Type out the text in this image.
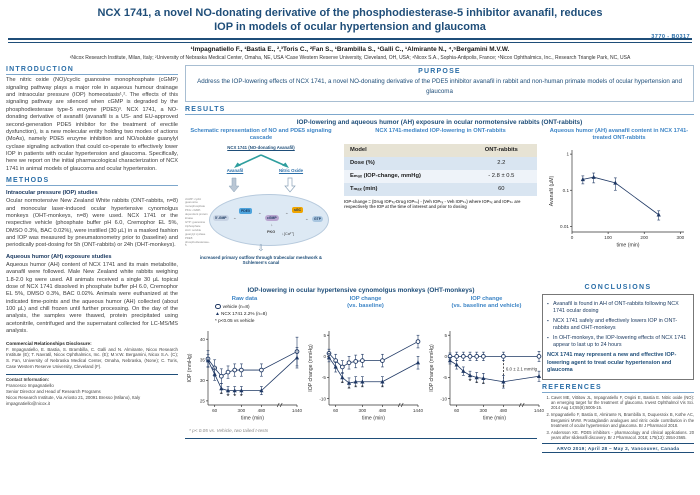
NCX 1741, a novel NO-donating derivative of the phosphodiesterase-5 inhibitor avanafil, reduces
IOP in models of ocular hypertension and glaucoma
3770 - B0317
¹Impagnatiello F., ¹Bastia E., ²,³Toris C., ²Fan S., ¹Brambilla S., ¹Galli C., ¹Almirante N., ⁴,⁵Bergamini M.V.W.
¹Nicox Research Institute, Milan, Italy; ²University of Nebraska Medical Center, Omaha, NE, USA ³Case Western Reserve University, Cleveland, OH, USA; ⁴Nicox S.A., Sophia-Antipolis, France; ⁵Nicox Ophthalmics, Inc., Research Triangle Park, NC, USA
INTRODUCTION

The nitric oxide (NO)/cyclic guanosine monophosphate (cGMP) signaling pathway plays a major role in aqueous humour drainage and intraocular pressure (IOP) homeostasis¹,². The effects of this signaling pathway are silenced when cGMP is degraded by the phosphodiesterase type-5 enzyme (PDE5)³. NCX 1741, a NO-donating derivative of avanafil (avanafil is a US- and EU-approved second-generation PDE5 inhibitor for the treatment of erectile dysfunction), is a new molecular entity holding two modes of actions (MoAs), namely PDE5 enzyme inhibition and NO/soluble guanylyl cyclase signaling activation that could co-operate to effectively lower IOP in patients with ocular hypertension and glaucoma. Specifically, here we report on the initial pharmacological characterization of NCX 1741 in animal models of glaucoma and ocular hypertension.

METHODS
Intraocular pressure (IOP) studies

Ocular normotensive New Zealand White rabbits (ONT-rabbits, n=8) and monocular laser-induced ocular hypertensive cynomolgus monkeys (OHT-monkeys, n=8) were used. NCX 1741 or the respective vehicle (phosphate buffer pH 6.0, Cremophor EL 5%, DMSO 0.3%, BAC 0.02%), were instilled (30 µL) in a masked fashion and IOP was measured by pneumatonometry prior to (baseline) and periodically post-dosing for 5h (ONT-rabbits) or 24h (OHT-monkeys).

Aqueous humor (AH) exposure studies

Aqueous humor (AH) content of NCX 1741 and its main metabolite, avanafil were followed. Male New Zealand white rabbits weighing 1.8-2.0 kg were used. All animals received a single 30 µL topical dose of NCX 1741 dissolved in phosphate buffer pH 6.0, Cremophor EL 5%, DMSO 0.3%, BAC 0.02%. Animals were euthanized at the indicated time-points and the aqueous humor (AH) collected (about 100 µL) and chill frozen until further processing. On the day of the analysis, the samples were thawed, protein precipitated using acetonitrile, centrifuged and the supernatant collected for LC-MS/MS analysis.

Commercial Relationships Disclosure:

F. Impagnatiello, E. Bastia, S. Brambilla, C. Galli and N. Almirante, Nicox Research Institute (E); T. Navratil, Nicox Ophthalmics, Inc. (E); M.V.W. Bergamini, Nicox S.A. (C); S. Fan, University of Nebraska Medical Center, Omaha, Nebraska, (None); C. Toris, Case Western Reserve University, Cleveland (F).

Contact Information:
Francesco Impagnatiello
Senior Director and Head of Research Programs
Nicox Research Institute, Via Ariosto 21, 20091 Bresso (Milano), Italy
impagnatiello@nicox.it
PURPOSE

Address the IOP-lowering effects of NCX 1741, a novel NO-donating derivative of the PDE5 inhibitor avanafil in rabbit and non-human primate models of ocular hypertension and glaucoma

RESULTS
IOP-lowering and aqueous humor (AH) exposure in ocular normotensive rabbits (ONT-rabbits)
Schematic representation of NO and PDE5 signaling cascade
NCX 1741 (NO-donating Avanafil)
Avanafil	Nitric Oxide
5'-GMP	←
PDE5	←
cGMP
←
sGC
←	GTP
↓
PKG ↓[Ca²⁺]
cGMP: cyclic guanosine monophosphate
PKG: cGMP-dependent protein kinase
GTP: guanosine triphosphate
sGC: soluble guanylyl cyclase
PDE5: phosphodiesterase-5	⇩
increased primary outflow through trabecular meshwork & Schlemen's canal
NCX 1741-mediated IOP-lowering in ONT-rabbits
Model	ONT-rabbits
Dose (%)	2.2
Eₘₐₓ (IOP-change, mmHg)	- 2.8 ± 0.5
Tₘₐₓ (min)	60

IOP-change = (Drug IOPₜₓ-Drug IOPₜ₀) - (Veh IOPₜₓ - Veh IOPₜ₀) where IOPₜₓ and IOPₜ₀ are respectively the IOP at the time of interest and prior to dosing

Aqueous humor (AH) avanafil content in NCX 1741-treated ONT-rabbits
0.01
0.1
1
0	100	200	300
time (min)
Avanafil (µM)
IOP-lowering in ocular hypertensive cynomolgus monkeys (OHT-monkeys)
Raw data
vehicle (n=8)
▲NCX 1741 2.2% (n=8)
* p<0.05 vs vehicle
25
30
35
40
60	300	480	1440
time (min)
IOP (mmHg)
* * * *
IOP change
(vs. baseline)
-10
-5
0
5
60	300	480	1440
time (min)
IOP change (mmHg)	*
* * *	*
IOP change
(vs. baseline and vehicle)
-10
-5
0
5
60	300	480	1440
time (min)
IOP change (mmHg)	6.0 ± 2.1 mmHg
* * *
*

* p< 0.05 vs. Vehicle, two tailed t-tests

CONCLUSIONS
▪ Avanafil is found in AH of ONT-rabbits following NCX 1741 ocular dosing
▪ NCX 1741 safely and effectively lowers IOP in ONT-rabbits and OHT-monkeys
▪ In OHT-monkeys, the IOP-lowering effects of NCX 1741 appear to last up to 24 hours
NCX 1741 may represent a new and effective IOP-lowering agent to treat ocular hypertension and glaucoma
REFERENCES
1. Cavet ME, Vittitow JL, Impagnatiello F, Ongini E, Bastia E. Nitric oxide (NO): an emerging target for the treatment of glaucoma. Invest Ophthalmol Vis Sci. 2014 Aug 14;55(8):5005-15.
2. Impagnatiello F, Bastia E, Almirante N, Brambilla S, Duquesroix B, Kothe AC, Bergamini MVW. Prostaglandin analogues and nitric oxide contribution in the treatment of ocular hypertension and glaucoma. Br J Pharmacol 2018.
3. Andersson KE. PDE5 inhibitors - pharmacology and clinical applications. 20 years after sildenafil discovery. Br J Pharmacol. 2018; 175(13): 2554-2565.
ARVO 2019; April 28 – May 2, Vancouver, Canada
